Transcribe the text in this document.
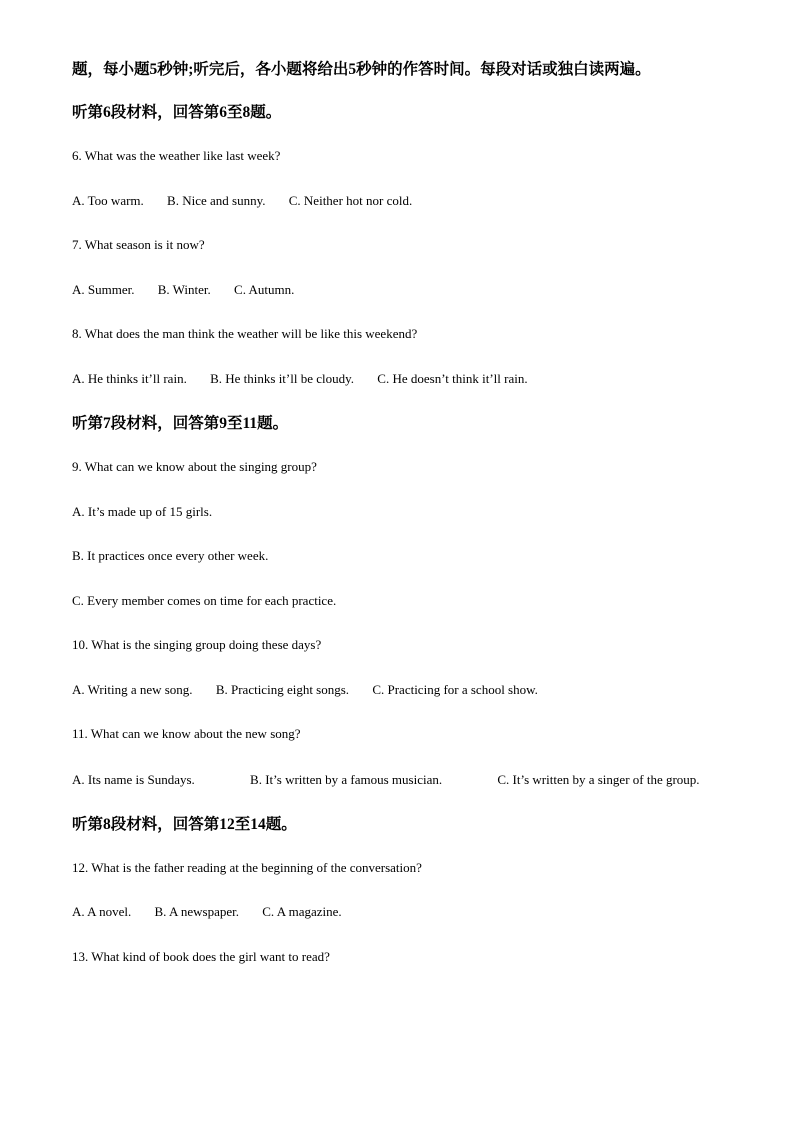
题，每小题5秒钟;听完后，各小题将给出5秒钟的作答时间。每段对话或独白读两遍。

听第6段材料，回答第6至8题。

6. What was the weather like last week?

A. Too warm. B. Nice and sunny. C. Neither hot nor cold.

7. What season is it now?

A. Summer. B. Winter. C. Autumn.

8. What does the man think the weather will be like this weekend?

A. He thinks it’ll rain. B. He thinks it’ll be cloudy. C. He doesn’t think it’ll rain.

听第7段材料，回答第9至11题。

9. What can we know about the singing group?

A. It’s made up of 15 girls.

B. It practices once every other week.

C. Every member comes on time for each practice.

10. What is the singing group doing these days?

A. Writing a new song. B. Practicing eight songs. C. Practicing for a school show.

11. What can we know about the new song?

A. Its name is Sundays.	B. It’s written by a famous musician.	C. It’s written by a singer of the group.

听第8段材料，回答第12至14题。

12. What is the father reading at the beginning of the conversation?

A. A novel. B. A newspaper. C. A magazine.

13. What kind of book does the girl want to read?
